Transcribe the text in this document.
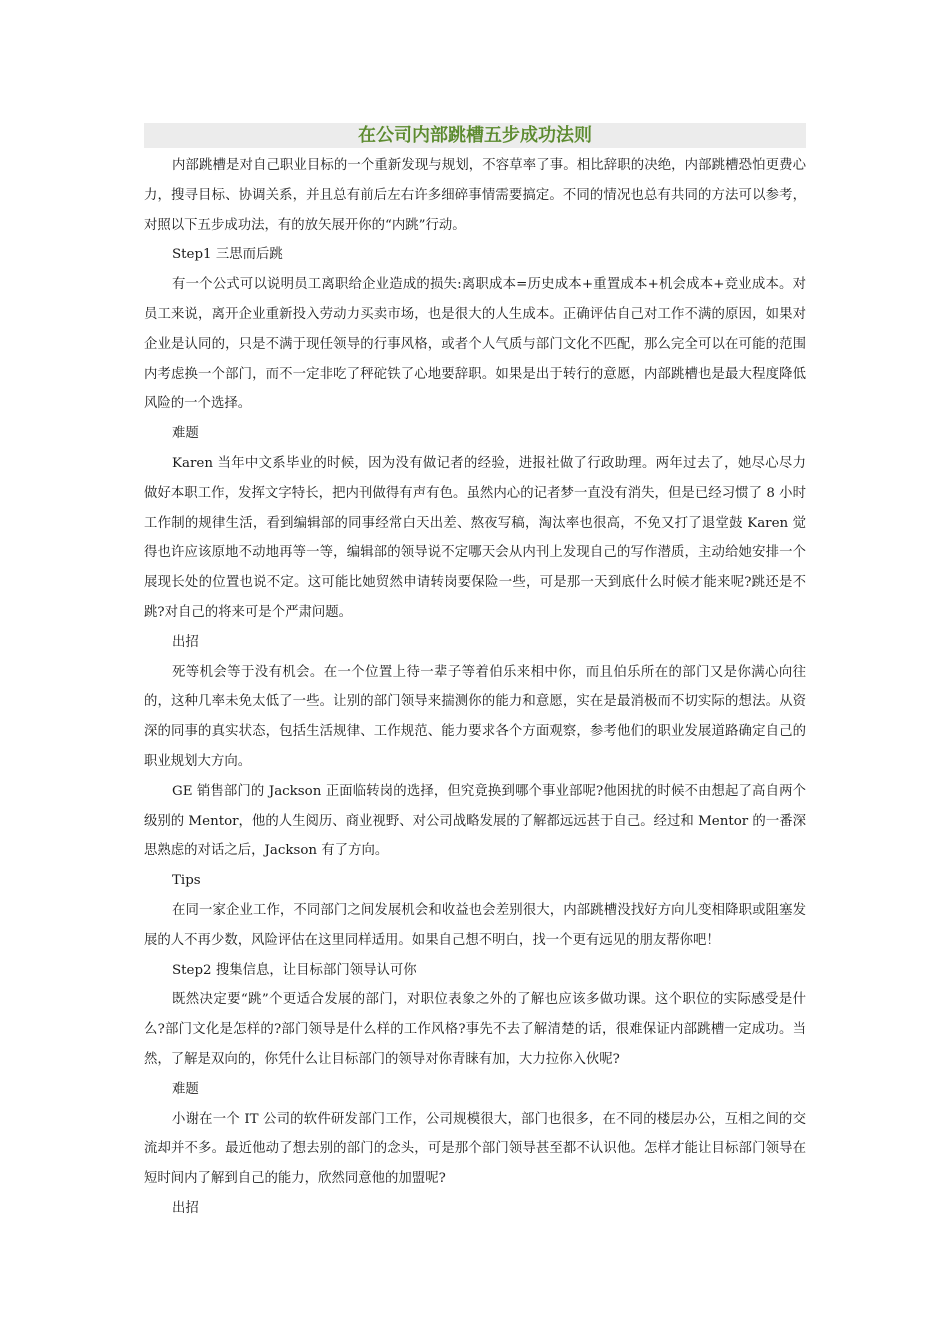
在公司内部跳槽五步成功法则

内部跳槽是对自己职业目标的一个重新发现与规划，不容草率了事。相比辞职的决绝，内部跳槽恐怕更费心力，搜寻目标、协调关系，并且总有前后左右许多细碎事情需要搞定。不同的情况也总有共同的方法可以参考，对照以下五步成功法，有的放矢展开你的“内跳”行动。

Step1 三思而后跳

有一个公式可以说明员工离职给企业造成的损失:离职成本=历史成本+重置成本+机会成本+竞业成本。对员工来说，离开企业重新投入劳动力买卖市场，也是很大的人生成本。正确评估自己对工作不满的原因，如果对企业是认同的，只是不满于现任领导的行事风格，或者个人气质与部门文化不匹配，那么完全可以在可能的范围内考虑换一个部门，而不一定非吃了秤砣铁了心地要辞职。如果是出于转行的意愿，内部跳槽也是最大程度降低风险的一个选择。

难题

Karen 当年中文系毕业的时候，因为没有做记者的经验，进报社做了行政助理。两年过去了，她尽心尽力做好本职工作，发挥文字特长，把内刊做得有声有色。虽然内心的记者梦一直没有消失，但是已经习惯了 8 小时工作制的规律生活，看到编辑部的同事经常白天出差、熬夜写稿，淘汰率也很高，不免又打了退堂鼓 Karen 觉得也许应该原地不动地再等一等，编辑部的领导说不定哪天会从内刊上发现自己的写作潜质，主动给她安排一个展现长处的位置也说不定。这可能比她贸然申请转岗要保险一些，可是那一天到底什么时候才能来呢?跳还是不跳?对自己的将来可是个严肃问题。

出招

死等机会等于没有机会。在一个位置上待一辈子等着伯乐来相中你，而且伯乐所在的部门又是你满心向往的，这种几率未免太低了一些。让别的部门领导来揣测你的能力和意愿，实在是最消极而不切实际的想法。从资深的同事的真实状态，包括生活规律、工作规范、能力要求各个方面观察，参考他们的职业发展道路确定自己的职业规划大方向。

GE 销售部门的 Jackson 正面临转岗的选择，但究竟换到哪个事业部呢?他困扰的时候不由想起了高自两个级别的 Mentor，他的人生阅历、商业视野、对公司战略发展的了解都远远甚于自己。经过和 Mentor 的一番深思熟虑的对话之后，Jackson 有了方向。

Tips

在同一家企业工作，不同部门之间发展机会和收益也会差别很大，内部跳槽没找好方向儿变相降职或阻塞发展的人不再少数，风险评估在这里同样适用。如果自己想不明白，找一个更有远见的朋友帮你吧！

Step2 搜集信息，让目标部门领导认可你

既然决定要“跳”个更适合发展的部门，对职位表象之外的了解也应该多做功课。这个职位的实际感受是什么?部门文化是怎样的?部门领导是什么样的工作风格?事先不去了解清楚的话，很难保证内部跳槽一定成功。当然，了解是双向的，你凭什么让目标部门的领导对你青睐有加，大力拉你入伙呢?

难题

小谢在一个 IT 公司的软件研发部门工作，公司规模很大，部门也很多，在不同的楼层办公，互相之间的交流却并不多。最近他动了想去别的部门的念头，可是那个部门领导甚至都不认识他。怎样才能让目标部门领导在短时间内了解到自己的能力，欣然同意他的加盟呢?

出招
